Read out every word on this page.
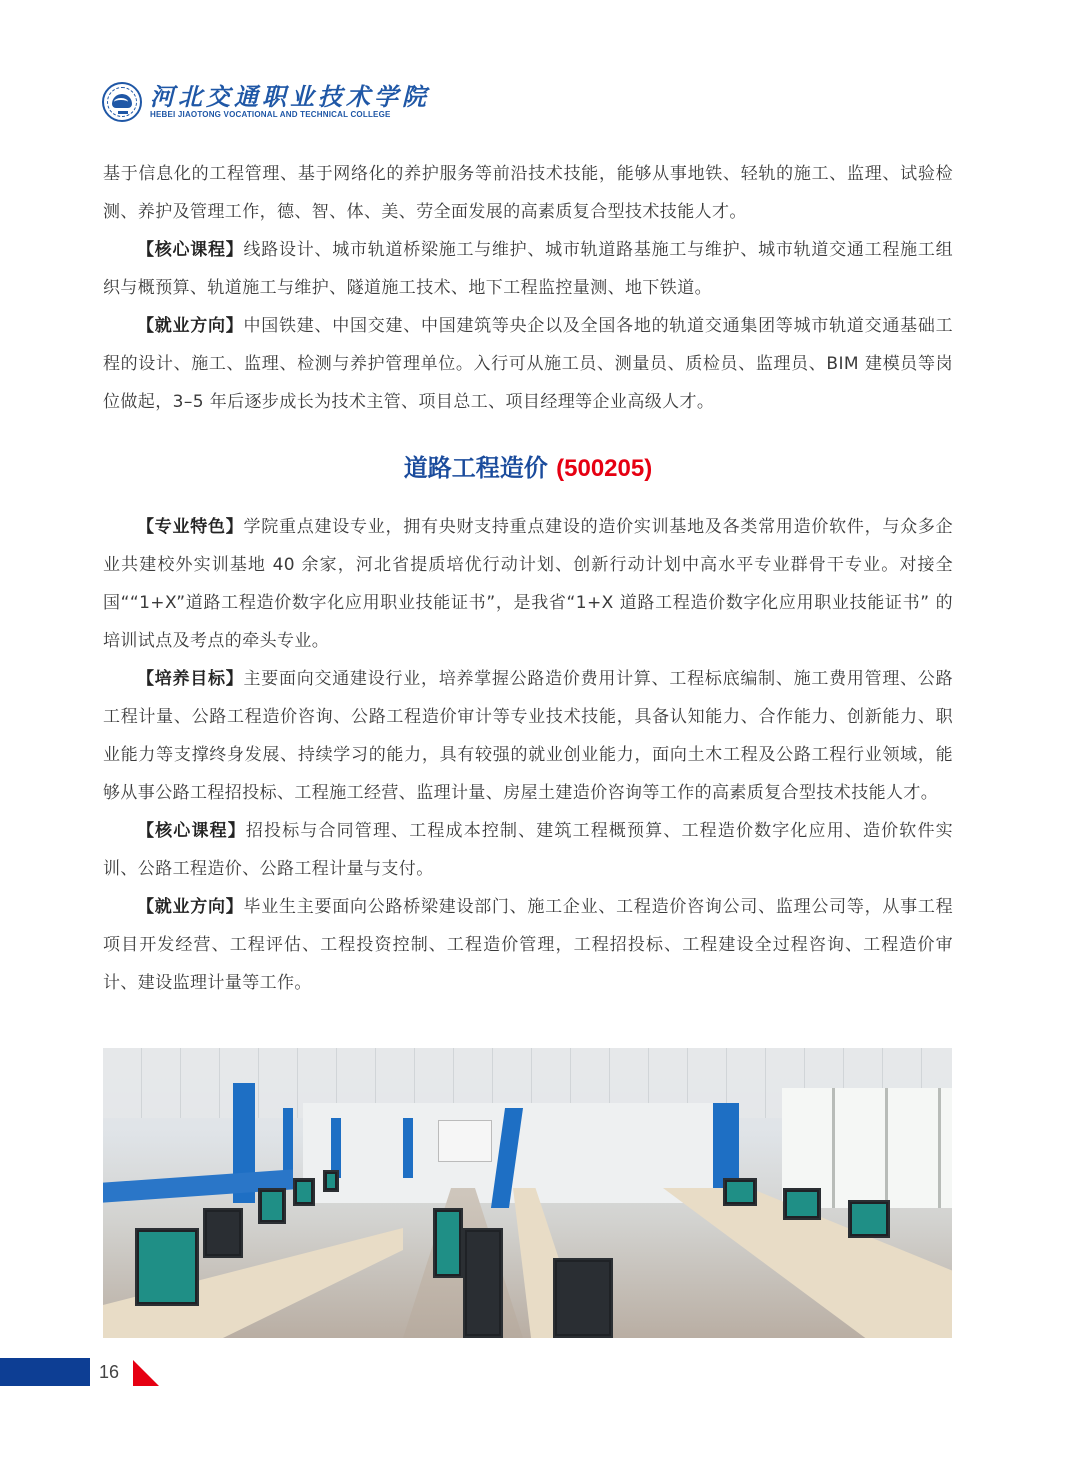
河北交通职业技术学院
HEBEI JIAOTONG VOCATIONAL AND TECHNICAL COLLEGE

基于信息化的工程管理、基于网络化的养护服务等前沿技术技能，能够从事地铁、轻轨的施工、监理、试验检测、养护及管理工作，德、智、体、美、劳全面发展的高素质复合型技术技能人才。

【核心课程】线路设计、城市轨道桥梁施工与维护、城市轨道路基施工与维护、城市轨道交通工程施工组织与概预算、轨道施工与维护、隧道施工技术、地下工程监控量测、地下铁道。

【就业方向】中国铁建、中国交建、中国建筑等央企以及全国各地的轨道交通集团等城市轨道交通基础工程的设计、施工、监理、检测与养护管理单位。入行可从施工员、测量员、质检员、监理员、BIM 建模员等岗位做起，3–5 年后逐步成长为技术主管、项目总工、项目经理等企业高级人才。

道路工程造价 (500205)

【专业特色】学院重点建设专业，拥有央财支持重点建设的造价实训基地及各类常用造价软件，与众多企业共建校外实训基地 40 余家，河北省提质培优行动计划、创新行动计划中高水平专业群骨干专业。对接全国““1+X”道路工程造价数字化应用职业技能证书”，是我省“1+X 道路工程造价数字化应用职业技能证书” 的培训试点及考点的牵头专业。

【培养目标】主要面向交通建设行业，培养掌握公路造价费用计算、工程标底编制、施工费用管理、公路工程计量、公路工程造价咨询、公路工程造价审计等专业技术技能，具备认知能力、合作能力、创新能力、职业能力等支撑终身发展、持续学习的能力，具有较强的就业创业能力，面向土木工程及公路工程行业领域，能够从事公路工程招投标、工程施工经营、监理计量、房屋土建造价咨询等工作的高素质复合型技术技能人才。

【核心课程】招投标与合同管理、工程成本控制、建筑工程概预算、工程造价数字化应用、造价软件实训、公路工程造价、公路工程计量与支付。

【就业方向】毕业生主要面向公路桥梁建设部门、施工企业、工程造价咨询公司、监理公司等，从事工程项目开发经营、工程评估、工程投资控制、工程造价管理，工程招投标、工程建设全过程咨询、工程造价审计、建设监理计量等工作。

16
